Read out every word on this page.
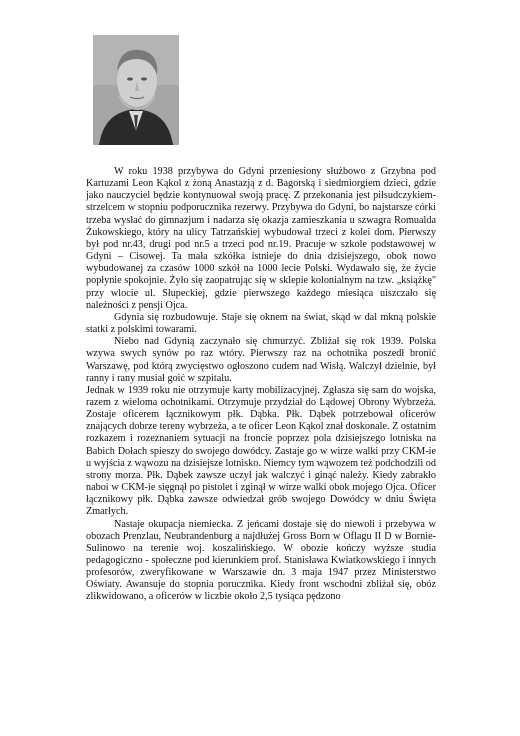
W roku 1938 przybywa do Gdyni przeniesiony służbowo z Grzybna pod Kartuzami Leon Kąkol z żoną Anastazją z d. Bagorską i siedmiorgiem dzieci, gdzie jako nauczyciel będzie kontynuował swoją pracę. Z przekonania jest piłsudczykiem-strzelcem w stopniu podporucznika rezerwy. Przybywa do Gdyni, bo najstarsze córki trzeba wysłać do gimnazjum i nadarza się okazja zamieszkania u szwagra Romualda Żukowskiego, który na ulicy Tatrzańskiej wybudował trzeci z kolei dom. Pierwszy był pod nr.43, drugi pod nr.5 a trzeci pod nr.19. Pracuje w szkole podstawowej w Gdyni – Cisowej. Ta mała szkółka istnieje do dnia dzisiejszego, obok nowo wybudowanej za czasów 1000 szkół na 1000 lecie Polski. Wydawało się, że życie popłynie spokojnie. Żyło się zaopatrując się w sklepie kolonialnym na tzw. „książkę" przy wlocie ul. Słupeckiej, gdzie pierwszego każdego miesiąca uiszczało się należności z pensji Ojca.

Gdynia się rozbudowuje. Staje się oknem na świat, skąd w dal mkną polskie statki z polskimi towarami.

Niebo nad Gdynią zaczynało się chmurzyć. Zbliżał się rok 1939. Polska wzywa swych synów po raz wtóry. Pierwszy raz na ochotnika poszedł bronić Warszawę, pod którą zwycięstwo ogłoszono cudem nad Wisłą. Walczył dzielnie, był ranny i rany musiał goić w szpitalu.

Jednak w 1939 roku nie otrzymuje karty mobilizacyjnej. Zgłasza się sam do wojska, razem z wieloma ochotnikami. Otrzymuje przydział do Lądowej Obrony Wybrzeża. Zostaje oficerem łącznikowym płk. Dąbka. Płk. Dąbek potrzebował oficerów znających dobrze tereny wybrzeża, a te oficer Leon Kąkol znał doskonale. Z ostatnim rozkazem i rozeznaniem sytuacji na froncie poprzez pola dzisiejszego lotniska na Babich Dołach spieszy do swojego dowódcy. Zastaje go w wirze walki przy CKM-ie u wyjścia z wąwozu na dzisiejsze lotnisko. Niemcy tym wąwozem też podchodzili od strony morza. Płk. Dąbek zawsze uczył jak walczyć i ginąć należy. Kiedy zabrakło naboi w CKM-ie sięgnął po pistolet i zginął w wirze walki obok mojego Ojca. Oficer łącznikowy płk. Dąbka zawsze odwiedzał grób swojego Dowódcy w dniu Święta Zmarłych.

Nastaje okupacja niemiecka. Z jeńcami dostaje się do niewoli i przebywa w obozach Prenzlau, Neubrandenburg a najdłużej Gross Born w Oflagu II D w Bornie- Sulinowo na terenie woj. koszalińskiego. W obozie kończy wyższe studia pedagogiczno - społeczne pod kierunkiem prof. Stanisława Kwiatkowskiego i innych profesorów, zweryfikowane w Warszawie dn. 3 maja 1947 przez Ministerstwo Oświaty. Awansuje do stopnia porucznika. Kiedy front wschodni zbliżał się, obóz zlikwidowano, a oficerów w liczbie około 2,5 tysiąca pędzono
